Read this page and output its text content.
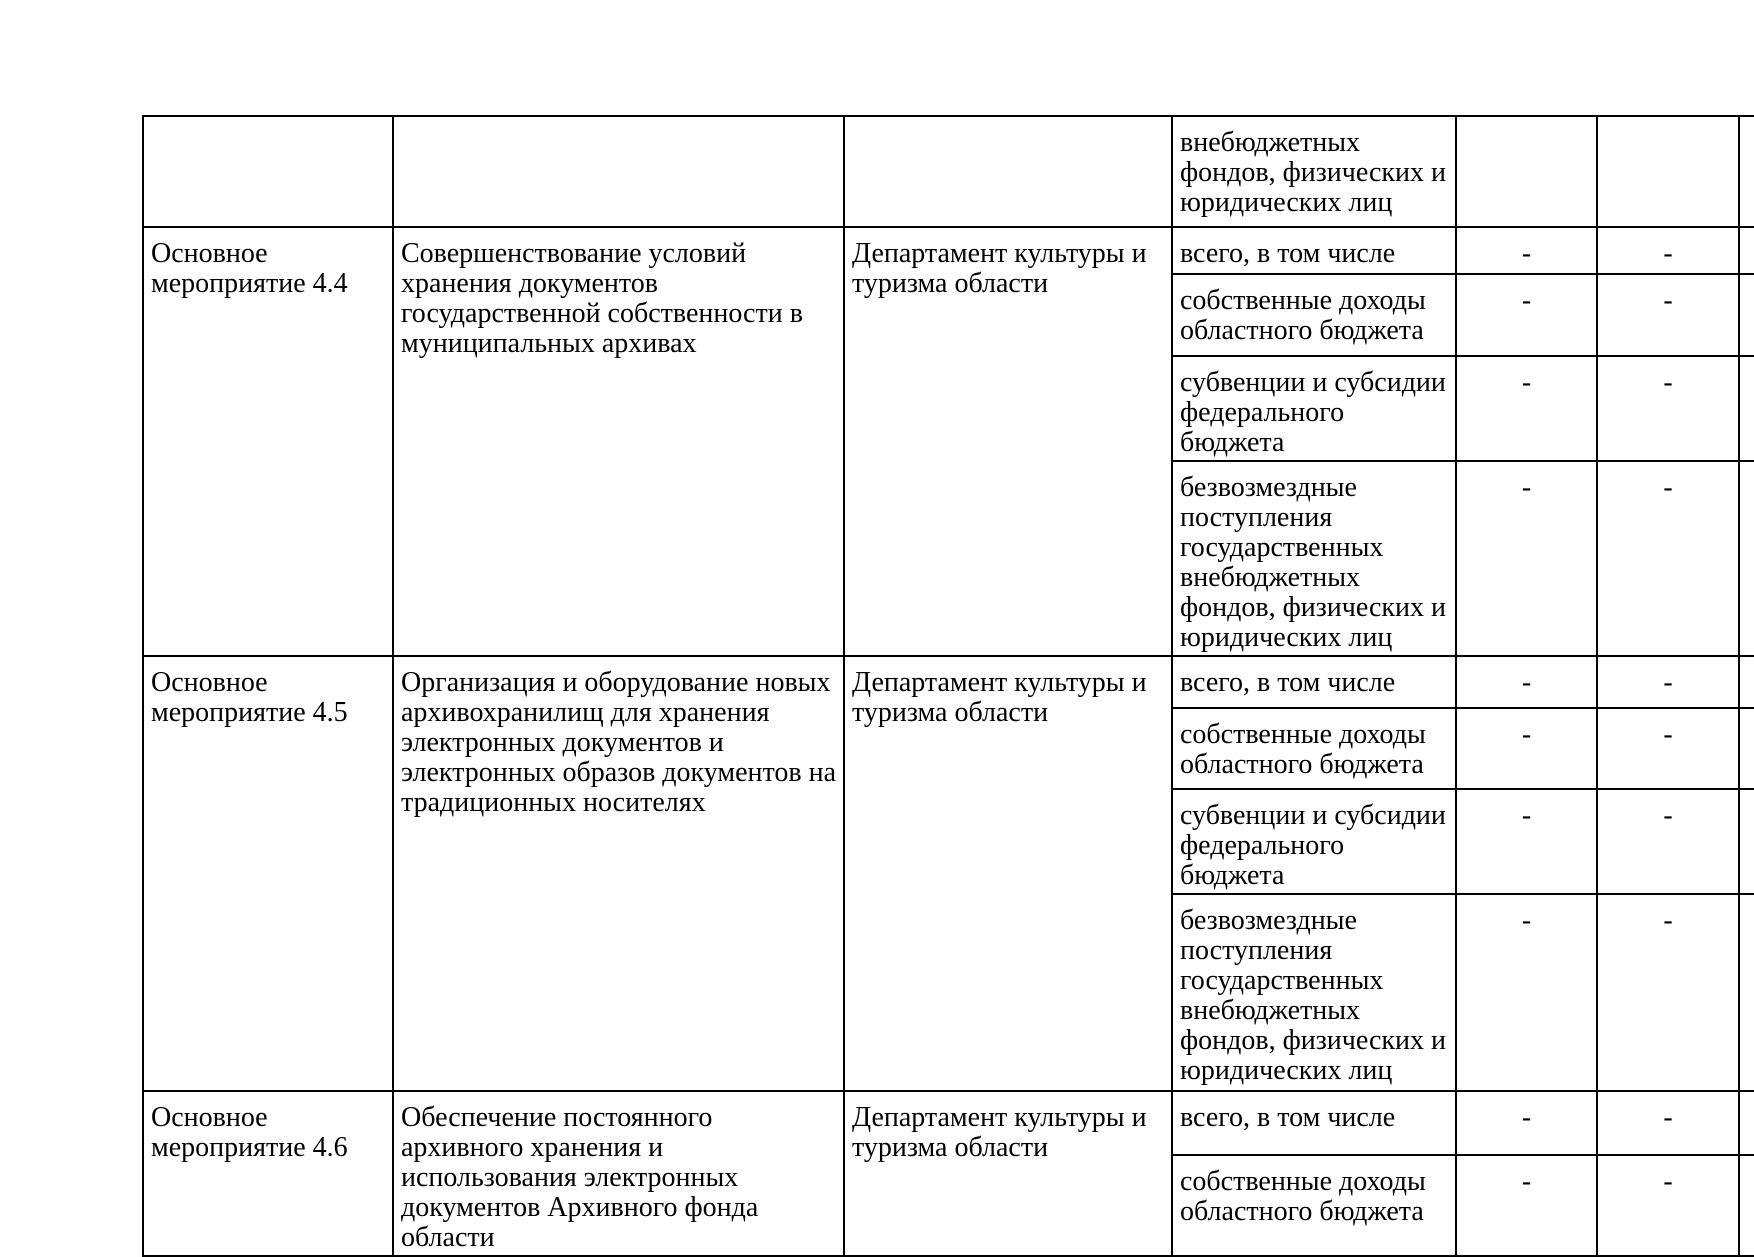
			внебюджетных фондов, физических и юридических лиц			
Основное мероприятие 4.4	Совершенствование условий хранения документов государственной собственности в муниципальных архивах	Департамент культуры и туризма области	всего, в том числе	-	-	
			собственные доходы областного бюджета	-	-	
			субвенции и субсидии федерального бюджета	-	-	
			безвозмездные поступления государственных внебюджетных фондов, физических и юридических лиц	-	-	
Основное мероприятие 4.5	Организация и оборудование новых архивохранилищ для хранения электронных документов и электронных образов документов на традиционных носителях	Департамент культуры и туризма области	всего, в том числе	-	-	
			собственные доходы областного бюджета	-	-	
			субвенции и субсидии федерального бюджета	-	-	
			безвозмездные поступления государственных внебюджетных фондов, физических и юридических лиц	-	-	
Основное мероприятие 4.6	Обеспечение постоянного архивного хранения и использования электронных документов Архивного фонда области	Департамент культуры и туризма области	всего, в том числе	-	-	
			собственные доходы областного бюджета	-	-	
